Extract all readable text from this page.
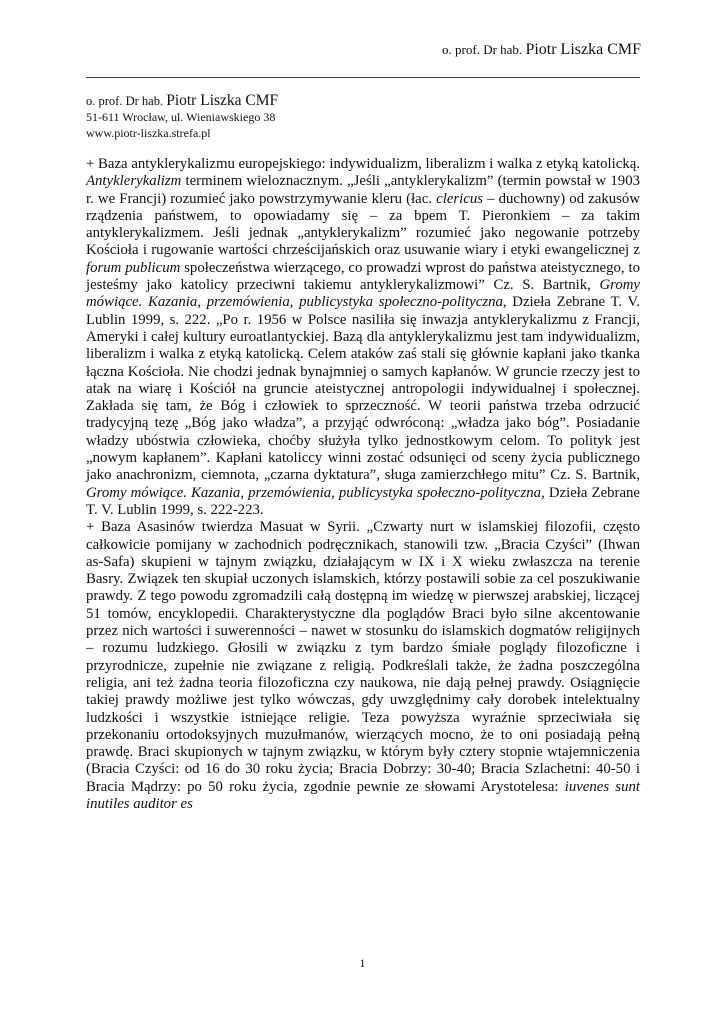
o. prof. Dr hab. Piotr Liszka CMF
o. prof. Dr hab. Piotr Liszka CMF
51-611 Wrocław, ul. Wieniawskiego 38
www.piotr-liszka.strefa.pl

+ Baza antyklerykalizmu europejskiego: indywidualizm, liberalizm i walka z etyką katolicką. Antyklerykalizm terminem wieloznacznym. „Jeśli „antyklerykalizm” (termin powstał w 1903 r. we Francji) rozumieć jako powstrzymywanie kleru (łac. clericus – duchowny) od zakusów rządzenia państwem, to opowiadamy się – za bpem T. Pieronkiem – za takim antyklerykalizmem. Jeśli jednak „antyklerykalizm” rozumieć jako negowanie potrzeby Kościoła i rugowanie wartości chrześcijańskich oraz usuwanie wiary i etyki ewangelicznej z forum publicum społeczeństwa wierzącego, co prowadzi wprost do państwa ateistycznego, to jesteśmy jako katolicy przeciwni takiemu antyklerykalizmowi” Cz. S. Bartnik, Gromy mówiące. Kazania, przemówienia, publicystyka społeczno-polityczna, Dzieła Zebrane T. V. Lublin 1999, s. 222. „Po r. 1956 w Polsce nasiliła się inwazja antyklerykalizmu z Francji, Ameryki i całej kultury euroatlantyckiej. Bazą dla antyklerykalizmu jest tam indywidualizm, liberalizm i walka z etyką katolicką. Celem ataków zaś stali się głównie kapłani jako tkanka łączna Kościoła. Nie chodzi jednak bynajmniej o samych kapłanów. W gruncie rzeczy jest to atak na wiarę i Kościół na gruncie ateistycznej antropologii indywidualnej i społecznej. Zakłada się tam, że Bóg i człowiek to sprzeczność. W teorii państwa trzeba odrzucić tradycyjną tezę „Bóg jako władza”, a przyjąć odwróconą: „władza jako bóg”. Posiadanie władzy ubóstwia człowieka, choćby służyła tylko jednostkowym celom. To polityk jest „nowym kapłanem”. Kapłani katoliccy winni zostać odsunięci od sceny życia publicznego jako anachronizm, ciemnota, „czarna dyktatura”, sługa zamierzchłego mitu” Cz. S. Bartnik, Gromy mówiące. Kazania, przemówienia, publicystyka społeczno-polityczna, Dzieła Zebrane T. V. Lublin 1999, s. 222-223.

+ Baza Asasinów twierdza Masuat w Syrii. „Czwarty nurt w islamskiej filozofii, często całkowicie pomijany w zachodnich podręcznikach, stanowili tzw. „Bracia Czyści” (Ihwan as-Safa) skupieni w tajnym związku, działającym w IX i X wieku zwłaszcza na terenie Basry. Związek ten skupiał uczonych islamskich, którzy postawili sobie za cel poszukiwanie prawdy. Z tego powodu zgromadzili całą dostępną im wiedzę w pierwszej arabskiej, liczącej 51 tomów, encyklopedii. Charakterystyczne dla poglądów Braci było silne akcentowanie przez nich wartości i suwerenności – nawet w stosunku do islamskich dogmatów religijnych – rozumu ludzkiego. Głosili w związku z tym bardzo śmiałe poglądy filozoficzne i przyrodnicze, zupełnie nie związane z religią. Podkreślali także, że żadna poszczególna religia, ani też żadna teoria filozoficzna czy naukowa, nie dają pełnej prawdy. Osiągnięcie takiej prawdy możliwe jest tylko wówczas, gdy uwzględnimy cały dorobek intelektualny ludzkości i wszystkie istniejące religie. Teza powyższa wyraźnie sprzeciwiała się przekonaniu ortodoksyjnych muzułmanów, wierzących mocno, że to oni posiadają pełną prawdę. Braci skupionych w tajnym związku, w którym były cztery stopnie wtajemniczenia (Bracia Czyści: od 16 do 30 roku życia; Bracia Dobrzy: 30-40; Bracia Szlachetni: 40-50 i Bracia Mądrzy: po 50 roku życia, zgodnie pewnie ze słowami Arystotelesa: iuvenes sunt inutiles auditor es

1
